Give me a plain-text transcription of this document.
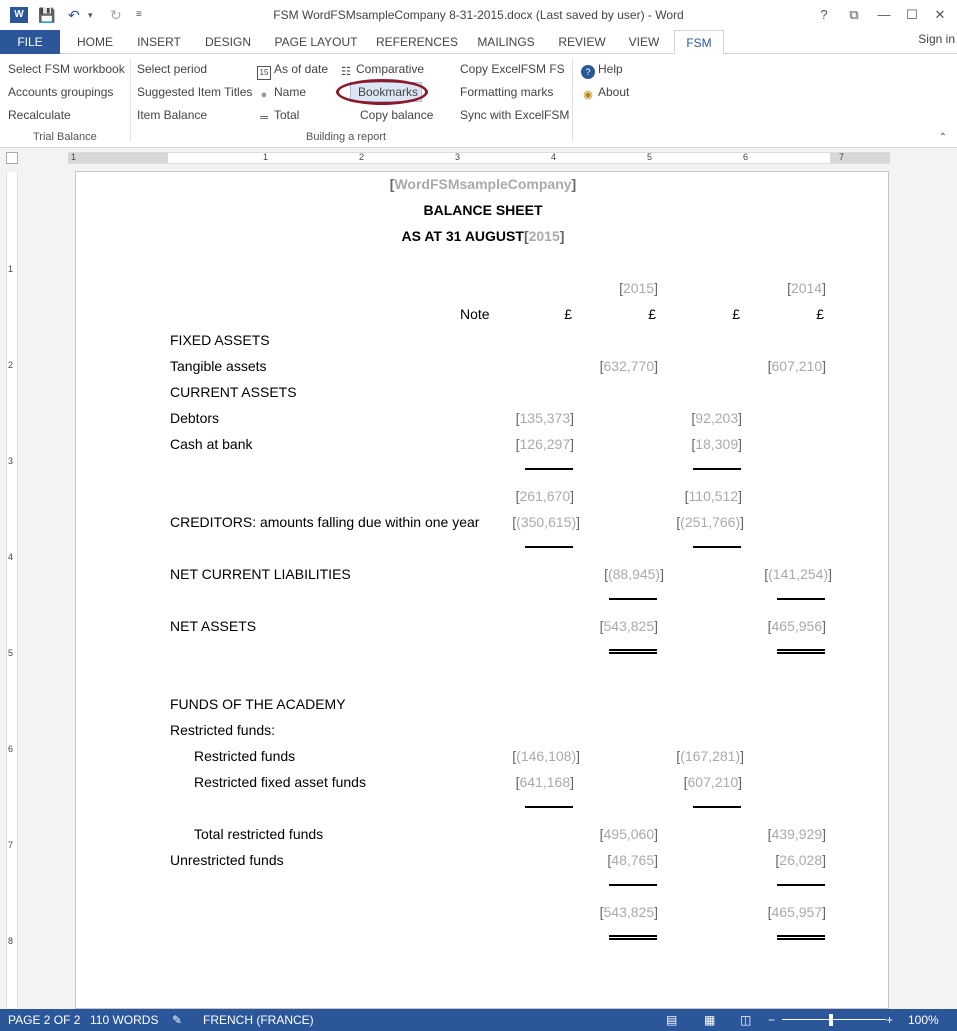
W	💾 ↶ ▾ ↻ ≡	FSM WordFSMsampleCompany 8-31-2015.docx (Last saved by user) - Word	?	⧉	—	☐	✕
FILE	HOME	INSERT	DESIGN	PAGE LAYOUT	REFERENCES	MAILINGS	REVIEW	VIEW	FSM	Sign in
Select FSM workbook
Accounts groupings
Recalculate
Trial Balance
Select period
Suggested Item Titles
Item Balance
15 As of date
● Name
═ Total
☷ Comparative
Bookmarks
Copy balance
Building a report
Copy ExcelFSM FS
Formatting marks
Sync with ExcelFSM
? Help
◉ About
⌃
1	1	2	3	4	5	6	7
1
2
3
4
5
6
7
8
[ WordFSMsampleCompany ]
BALANCE SHEET
AS AT 31 AUGUST [ 2015 ]
[ 2015 ]	[ 2014 ]
Note	£	£	£	£
FIXED ASSETS
Tangible assets	[ 632,770 ]	[ 607,210 ]
CURRENT ASSETS
Debtors	[ 135,373 ]	[ 92,203 ]
Cash at bank	[ 126,297 ]	[ 18,309 ]
[ 261,670 ]	[ 110,512 ]
CREDITORS: amounts falling due within one year	[ (350,615) ]	[ (251,766) ]
NET CURRENT LIABILITIES	[ (88,945) ]	[ (141,254) ]
NET ASSETS	[ 543,825 ]	[ 465,956 ]
FUNDS OF THE ACADEMY
Restricted funds:
Restricted funds	[ (146,108) ]	[ (167,281) ]
Restricted fixed asset funds	[ 641,168 ]	[ 607,210 ]
Total restricted funds	[ 495,060 ]	[ 439,929 ]
Unrestricted funds	[ 48,765 ]	[ 26,028 ]
[ 543,825 ]	[ 465,957 ]
PAGE 2 OF 2 110 WORDS ✎ FRENCH (FRANCE)	▤ ▦ ◫ −	+ 100%
